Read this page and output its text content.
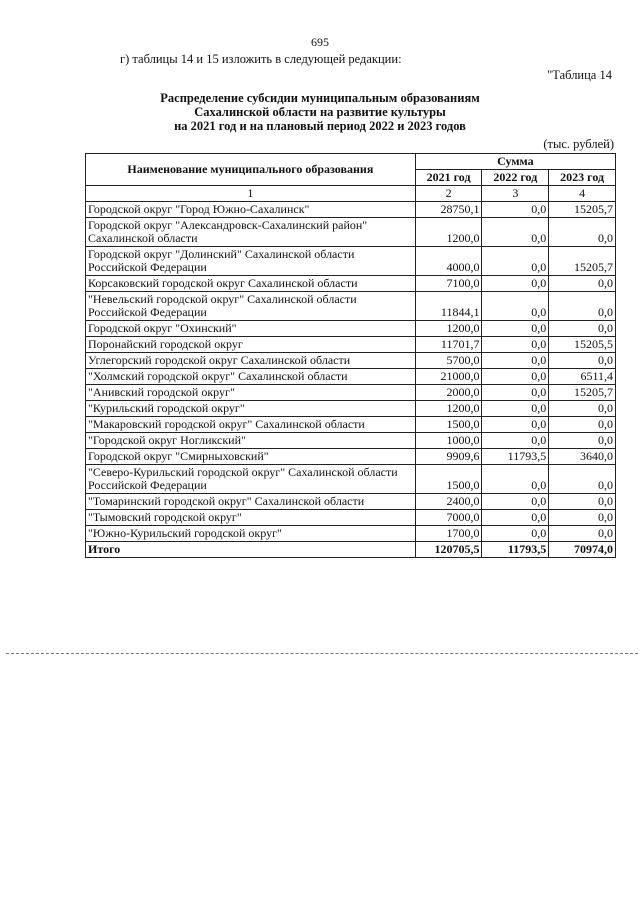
695
г) таблицы 14 и 15 изложить в следующей редакции:
"Таблица 14
Распределение субсидии муниципальным образованиям
Сахалинской области на развитие культуры
на 2021 год и на плановый период 2022 и 2023 годов
(тыс. рублей)
Наименование муниципального образования	Сумма		
	2021 год	2022 год	2023 год
1	2	3	4
Городской округ "Город Южно-Сахалинск"	28750,1	0,0	15205,7
Городской округ "Александровск-Сахалинский район" Сахалинской области	1200,0	0,0	0,0
Городской округ "Долинский" Сахалинской области Российской Федерации	4000,0	0,0	15205,7
Корсаковский городской округ Сахалинской области	7100,0	0,0	0,0
"Невельский городской округ" Сахалинской области Российской Федерации	11844,1	0,0	0,0
Городской округ "Охинский"	1200,0	0,0	0,0
Поронайский городской округ	11701,7	0,0	15205,5
Углегорский городской округ Сахалинской области	5700,0	0,0	0,0
"Холмский городской округ" Сахалинской области	21000,0	0,0	6511,4
"Анивский городской округ"	2000,0	0,0	15205,7
"Курильский городской округ"	1200,0	0,0	0,0
"Макаровский городской округ" Сахалинской области	1500,0	0,0	0,0
"Городской округ Ногликский"	1000,0	0,0	0,0
Городской округ "Смирныховский"	9909,6	11793,5	3640,0
"Северо-Курильский городской округ" Сахалинской области Российской Федерации	1500,0	0,0	0,0
"Томаринский городской округ" Сахалинской области	2400,0	0,0	0,0
"Тымовский городской округ"	7000,0	0,0	0,0
"Южно-Курильский городской округ"	1700,0	0,0	0,0
Итого	120705,5	11793,5	70974,0
